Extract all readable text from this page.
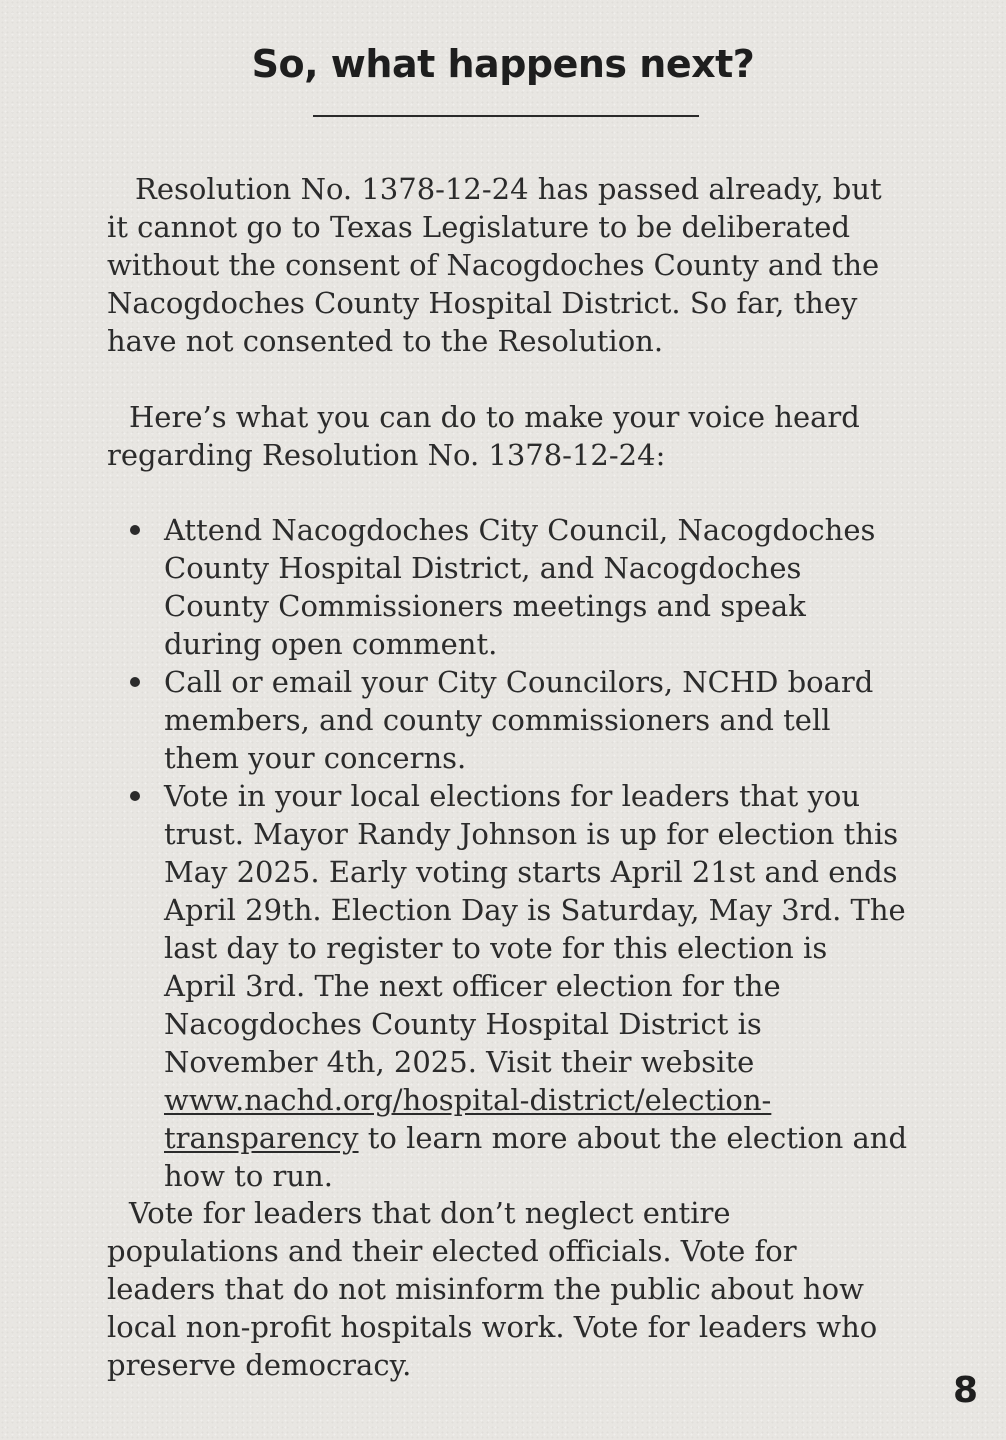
So, what happens next?

Resolution No. 1378-12-24 has passed already, but it cannot go to Texas Legislature to be deliberated without the consent of Nacogdoches County and the Nacogdoches County Hospital District. So far, they have not consented to the Resolution.

Here’s what you can do to make your voice heard regarding Resolution No. 1378-12-24:

Attend Nacogdoches City Council, Nacogdoches County Hospital District, and Nacogdoches County Commissioners meetings and speak during open comment.
Call or email your City Councilors, NCHD board members, and county commissioners and tell them your concerns.
Vote in your local elections for leaders that you trust. Mayor Randy Johnson is up for election this May 2025. Early voting starts April 21st and ends April 29th. Election Day is Saturday, May 3rd. The last day to register to vote for this election is April 3rd. The next officer election for the Nacogdoches County Hospital District is November 4th, 2025. Visit their website www.nachd.org/hospital-district/election-transparency to learn more about the election and how to run.

Vote for leaders that don’t neglect entire populations and their elected officials. Vote for leaders that do not misinform the public about how local non-profit hospitals work. Vote for leaders who preserve democracy.

8
